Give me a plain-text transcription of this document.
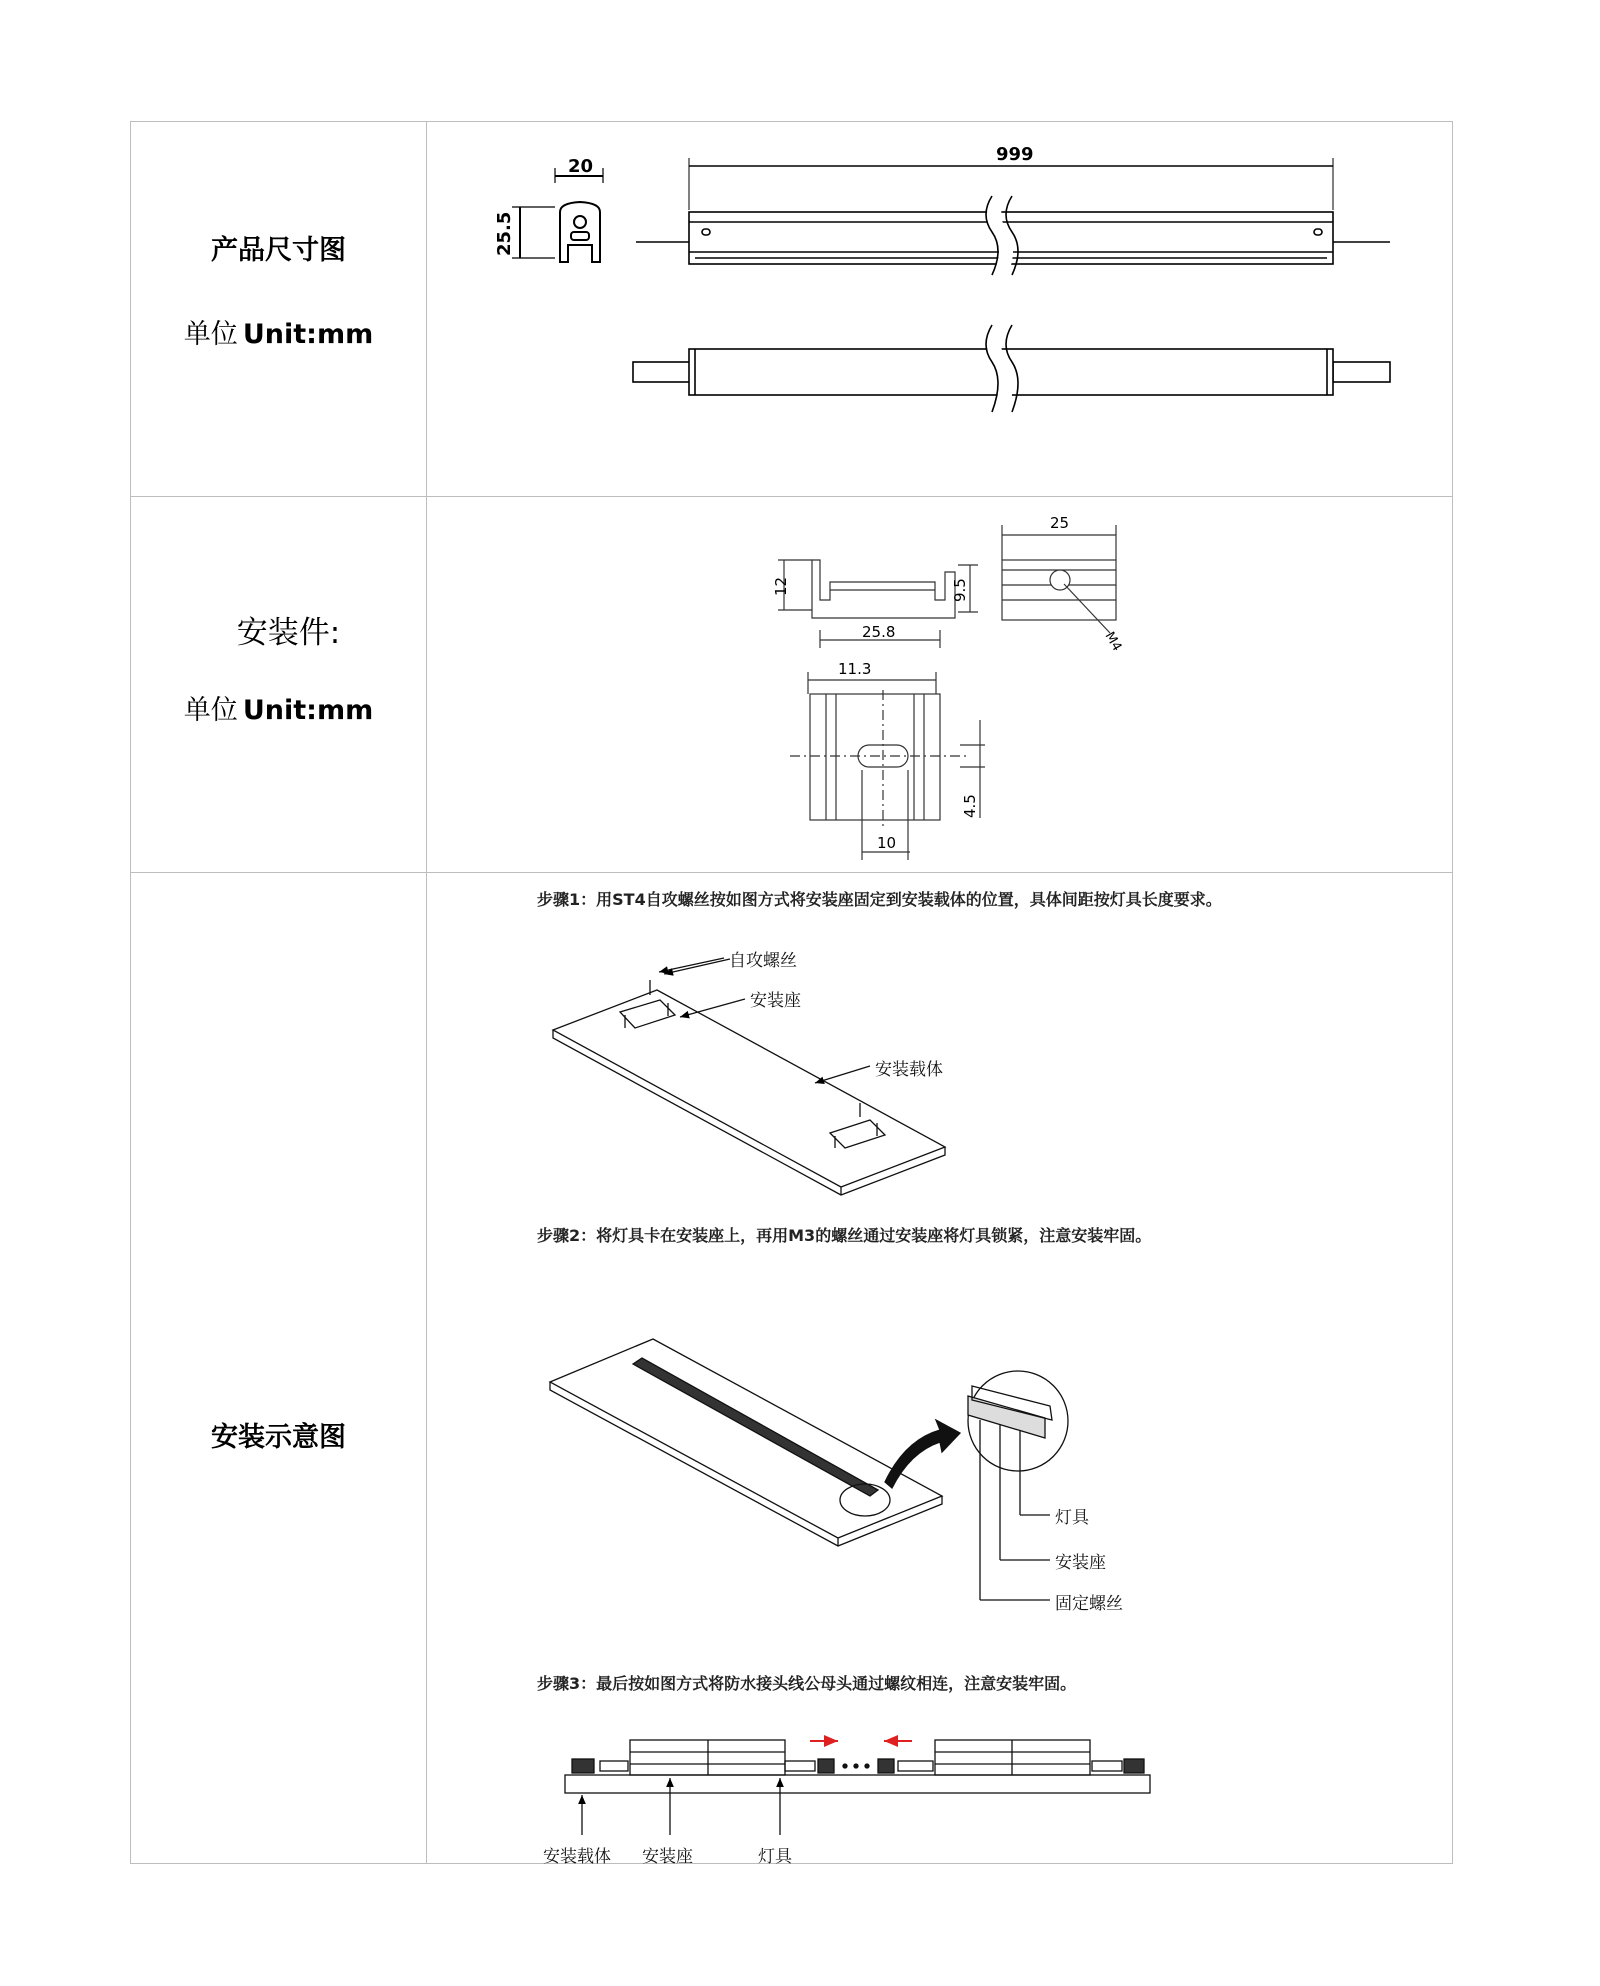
产品尺寸图
单位 Unit:mm
安装件:
单位 Unit:mm
安装示意图
20
25.5
999
12
25.8
9.5
25
M4
11.3
4.5
10
步骤1：用ST4自攻螺丝按如图方式将安装座固定到安装载体的位置，具体间距按灯具长度要求。
步骤2：将灯具卡在安装座上，再用M3的螺丝通过安装座将灯具锁紧，注意安装牢固。
步骤3：最后按如图方式将防水接头线公母头通过螺纹相连，注意安装牢固。
自攻螺丝
安装座
安装载体
灯具
安装座
固定螺丝
安装载体 安装座	灯具
